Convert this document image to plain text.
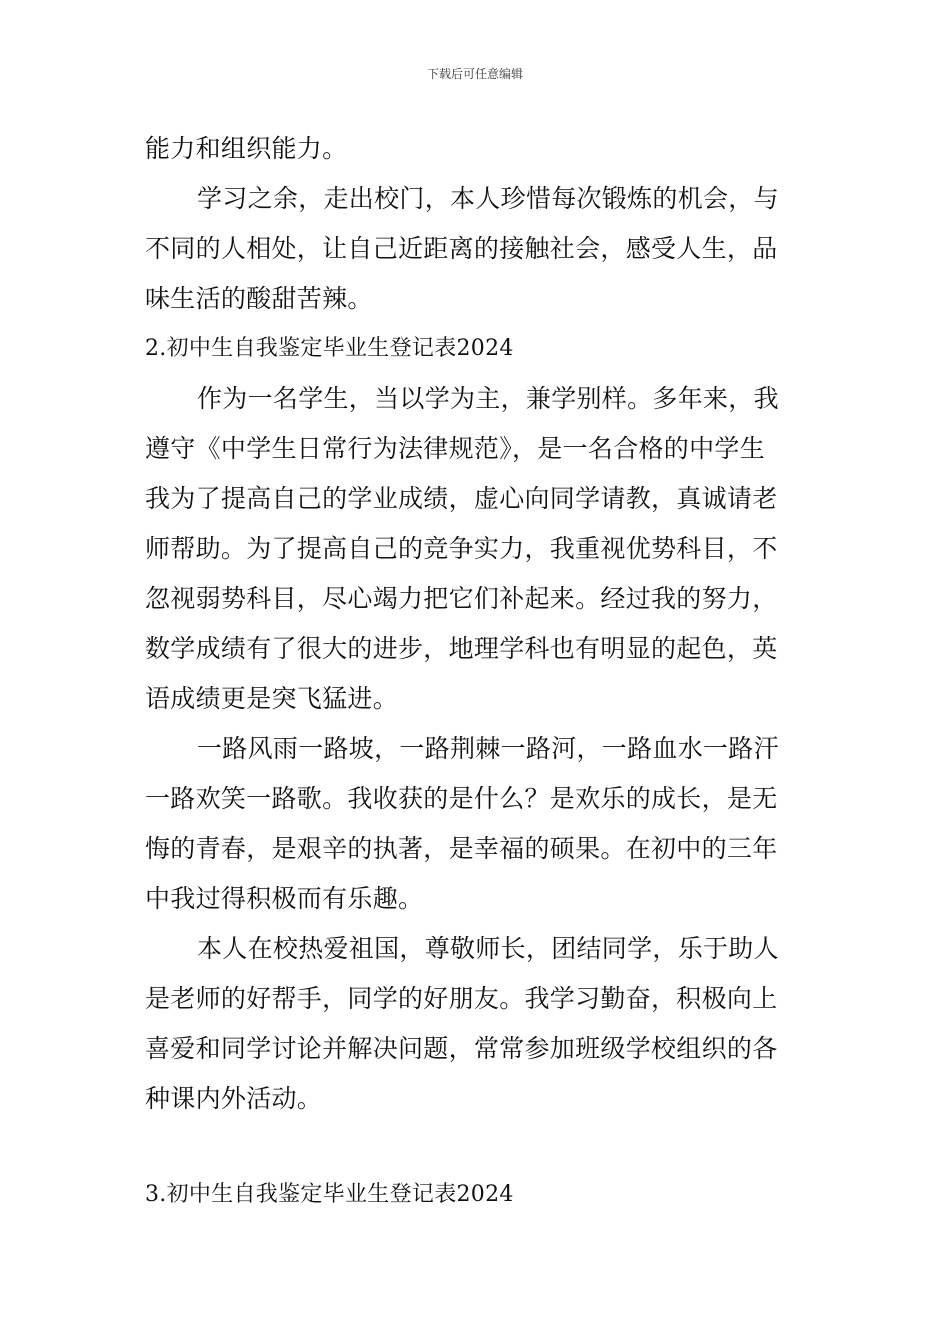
下载后可任意编辑
能力和组织能力。
学习之余，走出校门，本人珍惜每次锻炼的机会，与
不同的人相处，让自己近距离的接触社会，感受人生，品
味生活的酸甜苦辣。
2.初中生自我鉴定毕业生登记表2024
作为一名学生，当以学为主，兼学别样。多年来，我
遵守《中学生日常行为法律规范》，是一名合格的中学生
我为了提高自己的学业成绩，虚心向同学请教，真诚请老
师帮助。为了提高自己的竞争实力，我重视优势科目，不
忽视弱势科目，尽心竭力把它们补起来。经过我的努力，
数学成绩有了很大的进步，地理学科也有明显的起色，英
语成绩更是突飞猛进。
一路风雨一路坡，一路荆棘一路河，一路血水一路汗
一路欢笑一路歌。我收获的是什么？是欢乐的成长，是无
悔的青春，是艰辛的执著，是幸福的硕果。在初中的三年
中我过得积极而有乐趣。
本人在校热爱祖国，尊敬师长，团结同学，乐于助人
是老师的好帮手，同学的好朋友。我学习勤奋，积极向上
喜爱和同学讨论并解决问题，常常参加班级学校组织的各
种课内外活动。
3.初中生自我鉴定毕业生登记表2024
